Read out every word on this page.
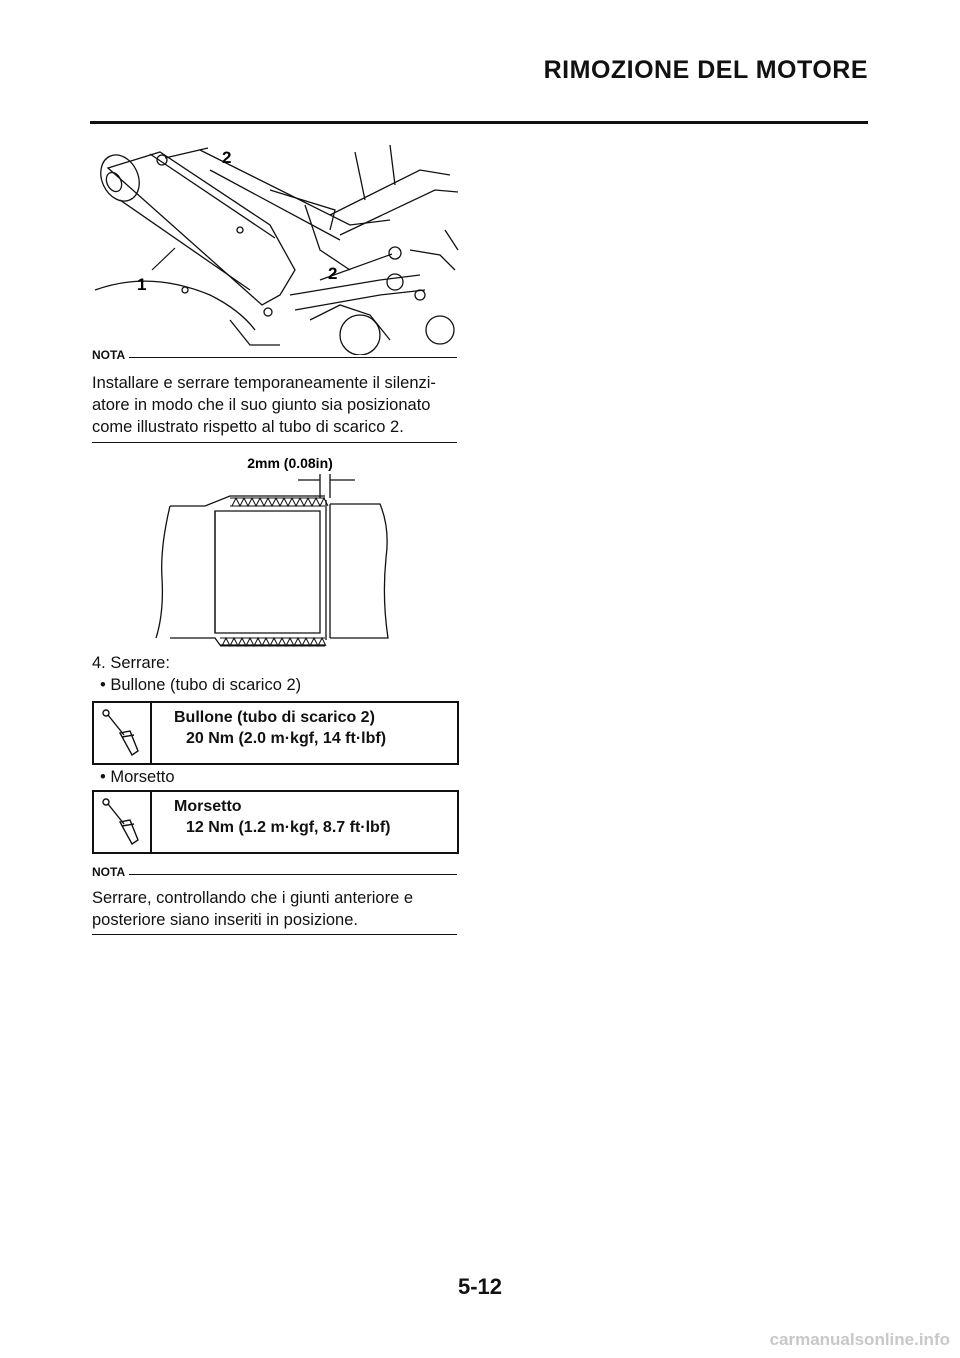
RIMOZIONE DEL MOTORE
2
1
2
NOTA
Installare e serrare temporaneamente il silenzi-
atore in modo che il suo giunto sia posizionato
come illustrato rispetto al tubo di scarico 2.
2mm (0.08in)
4. Serrare:
• Bullone (tubo di scarico 2)
Bullone (tubo di scarico 2)
20 Nm (2.0 m·kgf, 14 ft·lbf)
• Morsetto
Morsetto
12 Nm (1.2 m·kgf, 8.7 ft·lbf)
NOTA
Serrare, controllando che i giunti anteriore e
posteriore siano inseriti in posizione.
5-12
carmanualsonline.info
